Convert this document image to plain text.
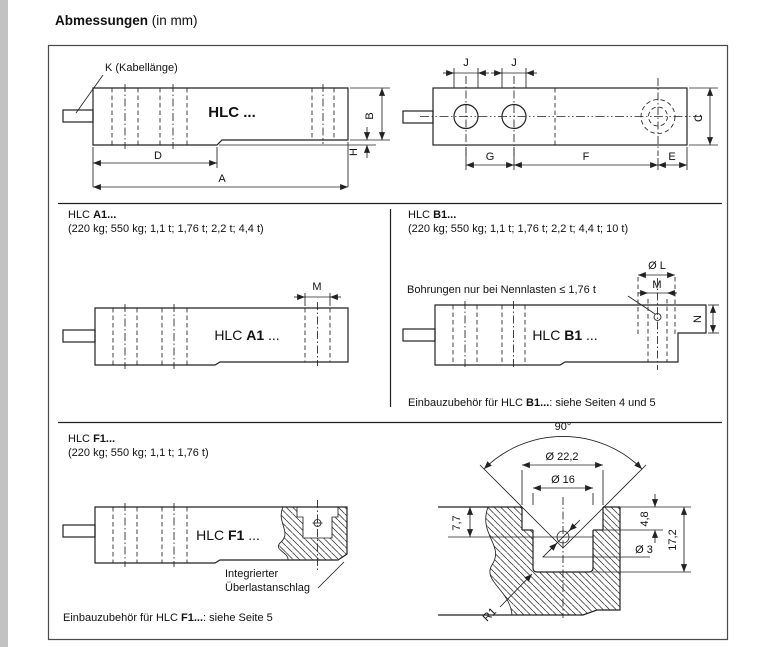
Abmessungen (in mm)
K (Kabellänge)
HLC ...
D
A
B
H
J	J
C
G	F	E
M
HLC A1 ...
Ø L
M
N
HLC B1 ...
HLC F1 ...
90°
Ø 22,2
Ø 16
7,7	4,8
17,2
Ø 3
R1
HLC A1...
(220 kg; 550 kg; 1,1 t; 1,76 t; 2,2 t; 4,4 t)
HLC B1...
(220 kg; 550 kg; 1,1 t; 1,76 t; 2,2 t; 4,4 t; 10 t)
Bohrungen nur bei Nennlasten ≤ 1,76 t
Einbauzubehör für HLC B1...: siehe Seiten 4 und 5
HLC F1...
(220 kg; 550 kg; 1,1 t; 1,76 t)
Integrierter
Überlastanschlag
Einbauzubehör für HLC F1...: siehe Seite 5
